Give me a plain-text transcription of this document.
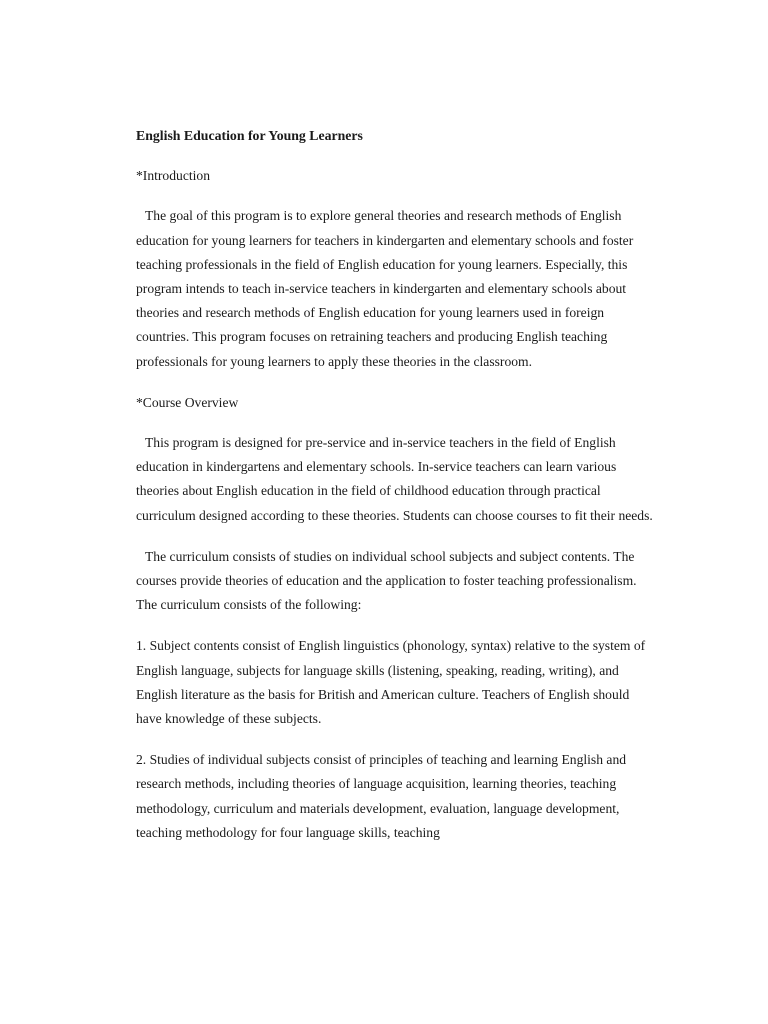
English Education for Young Learners
*Introduction
The goal of this program is to explore general theories and research methods of English education for young learners for teachers in kindergarten and elementary schools and foster teaching professionals in the field of English education for young learners. Especially, this program intends to teach in-service teachers in kindergarten and elementary schools about theories and research methods of English education for young learners used in foreign countries. This program focuses on retraining teachers and producing English teaching professionals for young learners to apply these theories in the classroom.
*Course Overview
This program is designed for pre-service and in-service teachers in the field of English education in kindergartens and elementary schools. In-service teachers can learn various theories about English education in the field of childhood education through practical curriculum designed according to these theories. Students can choose courses to fit their needs.
The curriculum consists of studies on individual school subjects and subject contents. The courses provide theories of education and the application to foster teaching professionalism. The curriculum consists of the following:
1. Subject contents consist of English linguistics (phonology, syntax) relative to the system of English language, subjects for language skills (listening, speaking, reading, writing), and English literature as the basis for British and American culture. Teachers of English should have knowledge of these subjects.
2. Studies of individual subjects consist of principles of teaching and learning English and research methods, including theories of language acquisition, learning theories, teaching methodology, curriculum and materials development, evaluation, language development, teaching methodology for four language skills, teaching
